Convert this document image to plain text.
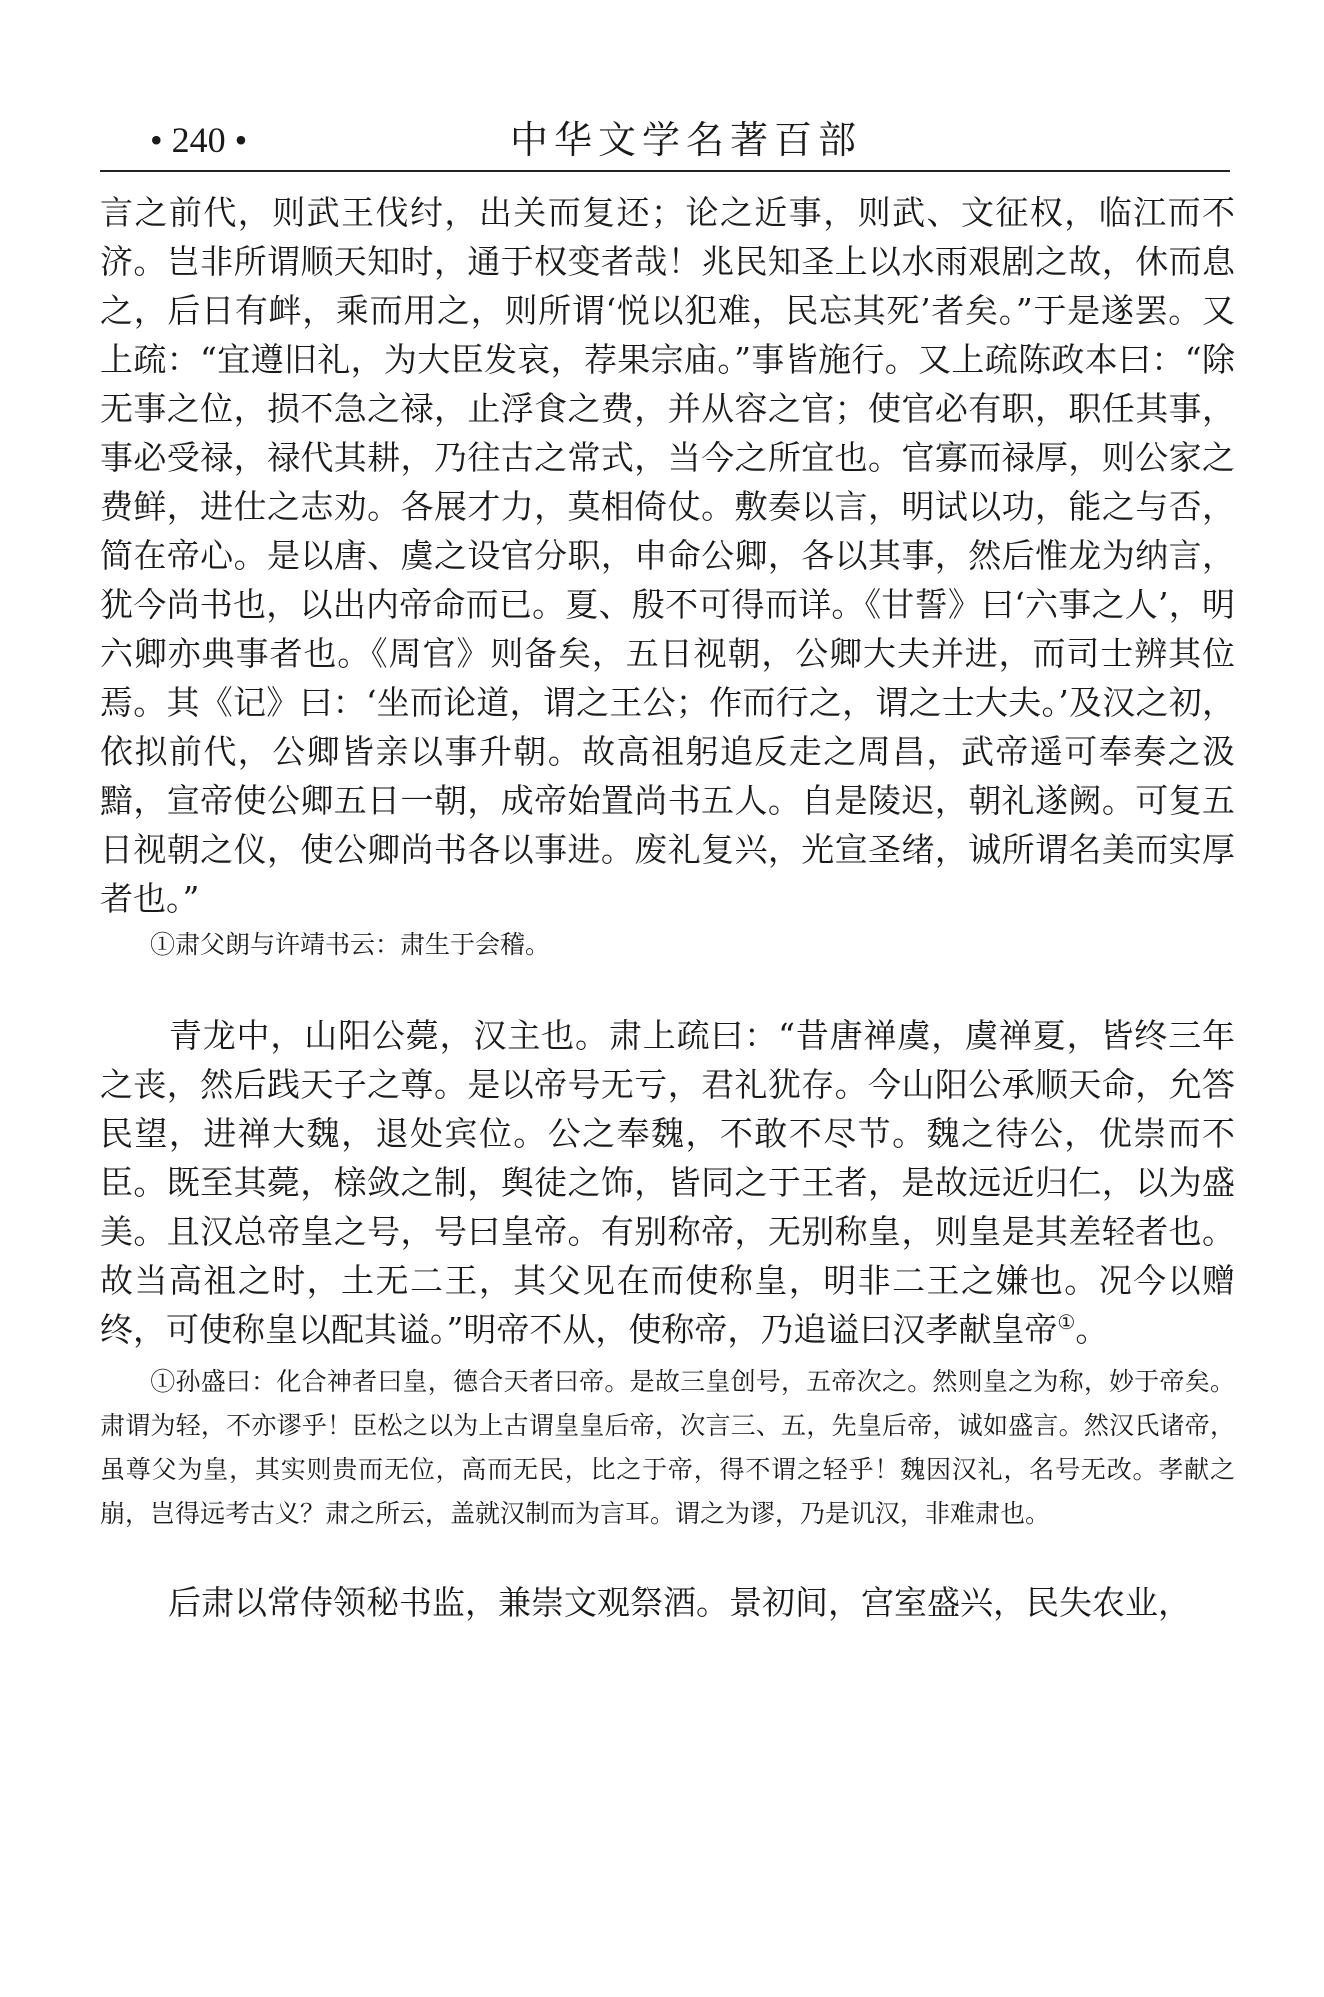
• 240 •	中华文学名著百部

言之前代，则武王伐纣，出关而复还；论之近事，则武、文征权，临江而不济。岂非所谓顺天知时，通于权变者哉！兆民知圣上以水雨艰剧之故，休而息之，后日有衅，乘而用之，则所谓‘悦以犯难，民忘其死’者矣。”于是遂罢。又上疏：“宜遵旧礼，为大臣发哀，荐果宗庙。”事皆施行。又上疏陈政本曰：“除无事之位，损不急之禄，止浮食之费，并从容之官；使官必有职，职任其事，事必受禄，禄代其耕，乃往古之常式，当今之所宜也。官寡而禄厚，则公家之费鲜，进仕之志劝。各展才力，莫相倚仗。敷奏以言，明试以功，能之与否，简在帝心。是以唐、虞之设官分职，申命公卿，各以其事，然后惟龙为纳言，犹今尚书也，以出内帝命而已。夏、殷不可得而详。《甘誓》曰‘六事之人’，明六卿亦典事者也。《周官》则备矣，五日视朝，公卿大夫并进，而司士辨其位焉。其《记》曰：‘坐而论道，谓之王公；作而行之，谓之士大夫。’及汉之初，依拟前代，公卿皆亲以事升朝。故高祖躬追反走之周昌，武帝遥可奉奏之汲黯，宣帝使公卿五日一朝，成帝始置尚书五人。自是陵迟，朝礼遂阙。可复五日视朝之仪，使公卿尚书各以事进。废礼复兴，光宣圣绪，诚所谓名美而实厚者也。”

①肃父朗与许靖书云：肃生于会稽。

青龙中，山阳公薨，汉主也。肃上疏曰：“昔唐禅虞，虞禅夏，皆终三年之丧，然后践天子之尊。是以帝号无亏，君礼犹存。今山阳公承顺天命，允答民望，进禅大魏，退处宾位。公之奉魏，不敢不尽节。魏之待公，优崇而不臣。既至其薨，榇敛之制，舆徒之饰，皆同之于王者，是故远近归仁，以为盛美。且汉总帝皇之号，号曰皇帝。有别称帝，无别称皇，则皇是其差轻者也。故当高祖之时，土无二王，其父见在而使称皇，明非二王之嫌也。况今以赠终，可使称皇以配其谥。”明帝不从，使称帝，乃追谥曰汉孝献皇帝①。

①孙盛曰：化合神者曰皇，德合天者曰帝。是故三皇创号，五帝次之。然则皇之为称，妙于帝矣。肃谓为轻，不亦谬乎！臣松之以为上古谓皇皇后帝，次言三、五，先皇后帝，诚如盛言。然汉氏诸帝，虽尊父为皇，其实则贵而无位，高而无民，比之于帝，得不谓之轻乎！魏因汉礼，名号无改。孝献之崩，岂得远考古义？肃之所云，盖就汉制而为言耳。谓之为谬，乃是讥汉，非难肃也。

后肃以常侍领秘书监，兼崇文观祭酒。景初间，宫室盛兴，民失农业，
